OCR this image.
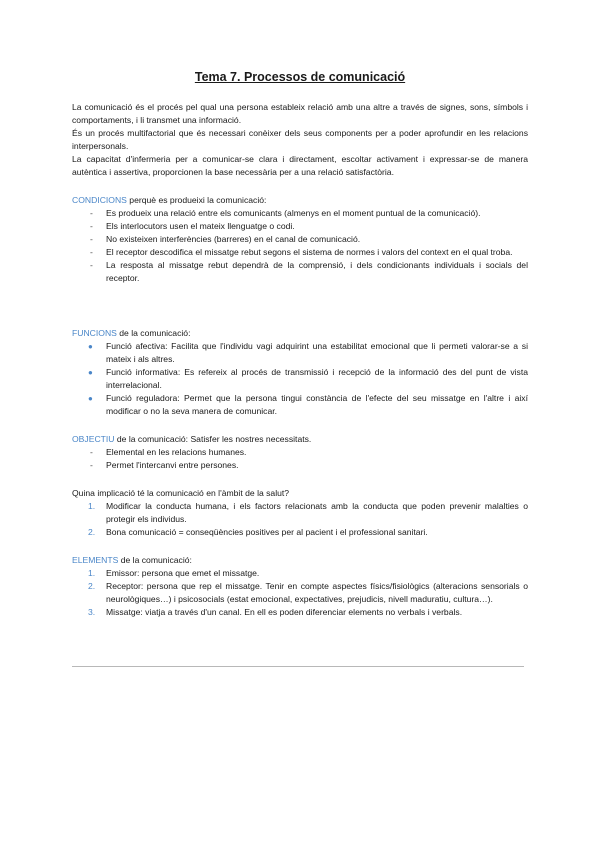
Tema 7. Processos de comunicació

La comunicació és el procés pel qual una persona estableix relació amb una altre a través de signes, sons, símbols i comportaments, i li transmet una informació.

És un procés multifactorial que és necessari conèixer dels seus components per a poder aprofundir en les relacions interpersonals.

La capacitat d'infermeria per a comunicar-se clara i directament, escoltar activament i expressar-se de manera autèntica i assertiva, proporcionen la base necessària per a una relació satisfactòria.

CONDICIONS perquè es produeixi la comunicació:

- Es produeix una relació entre els comunicants (almenys en el moment puntual de la comunicació).
- Els interlocutors usen el mateix llenguatge o codi.
- No existeixen interferències (barreres) en el canal de comunicació.
- El receptor descodifica el missatge rebut segons el sistema de normes i valors del context en el qual troba.
- La resposta al missatge rebut dependrà de la comprensió, i dels condicionants individuals i socials del receptor.

FUNCIONS de la comunicació:

● Funció afectiva: Facilita que l'individu vagi adquirint una estabilitat emocional que li permeti valorar-se a si mateix i als altres.
● Funció informativa: Es refereix al procés de transmissió i recepció de la informació des del punt de vista interrelacional.
● Funció reguladora: Permet que la persona tingui constància de l'efecte del seu missatge en l'altre i així modificar o no la seva manera de comunicar.

OBJECTIU de la comunicació: Satisfer les nostres necessitats.

- Elemental en les relacions humanes.
- Permet l'intercanvi entre persones.

Quina implicació té la comunicació en l'àmbit de la salut?

1. Modificar la conducta humana, i els factors relacionats amb la conducta que poden prevenir malalties o protegir els individus.
2. Bona comunicació = conseqüències positives per al pacient i el professional sanitari.

ELEMENTS de la comunicació:

1. Emissor: persona que emet el missatge.
2. Receptor: persona que rep el missatge. Tenir en compte aspectes físics/fisiològics (alteracions sensorials o neurològiques…) i psicosocials (estat emocional, expectatives, prejudicis, nivell maduratiu, cultura…).
3. Missatge: viatja a través d'un canal. En ell es poden diferenciar elements no verbals i verbals.
